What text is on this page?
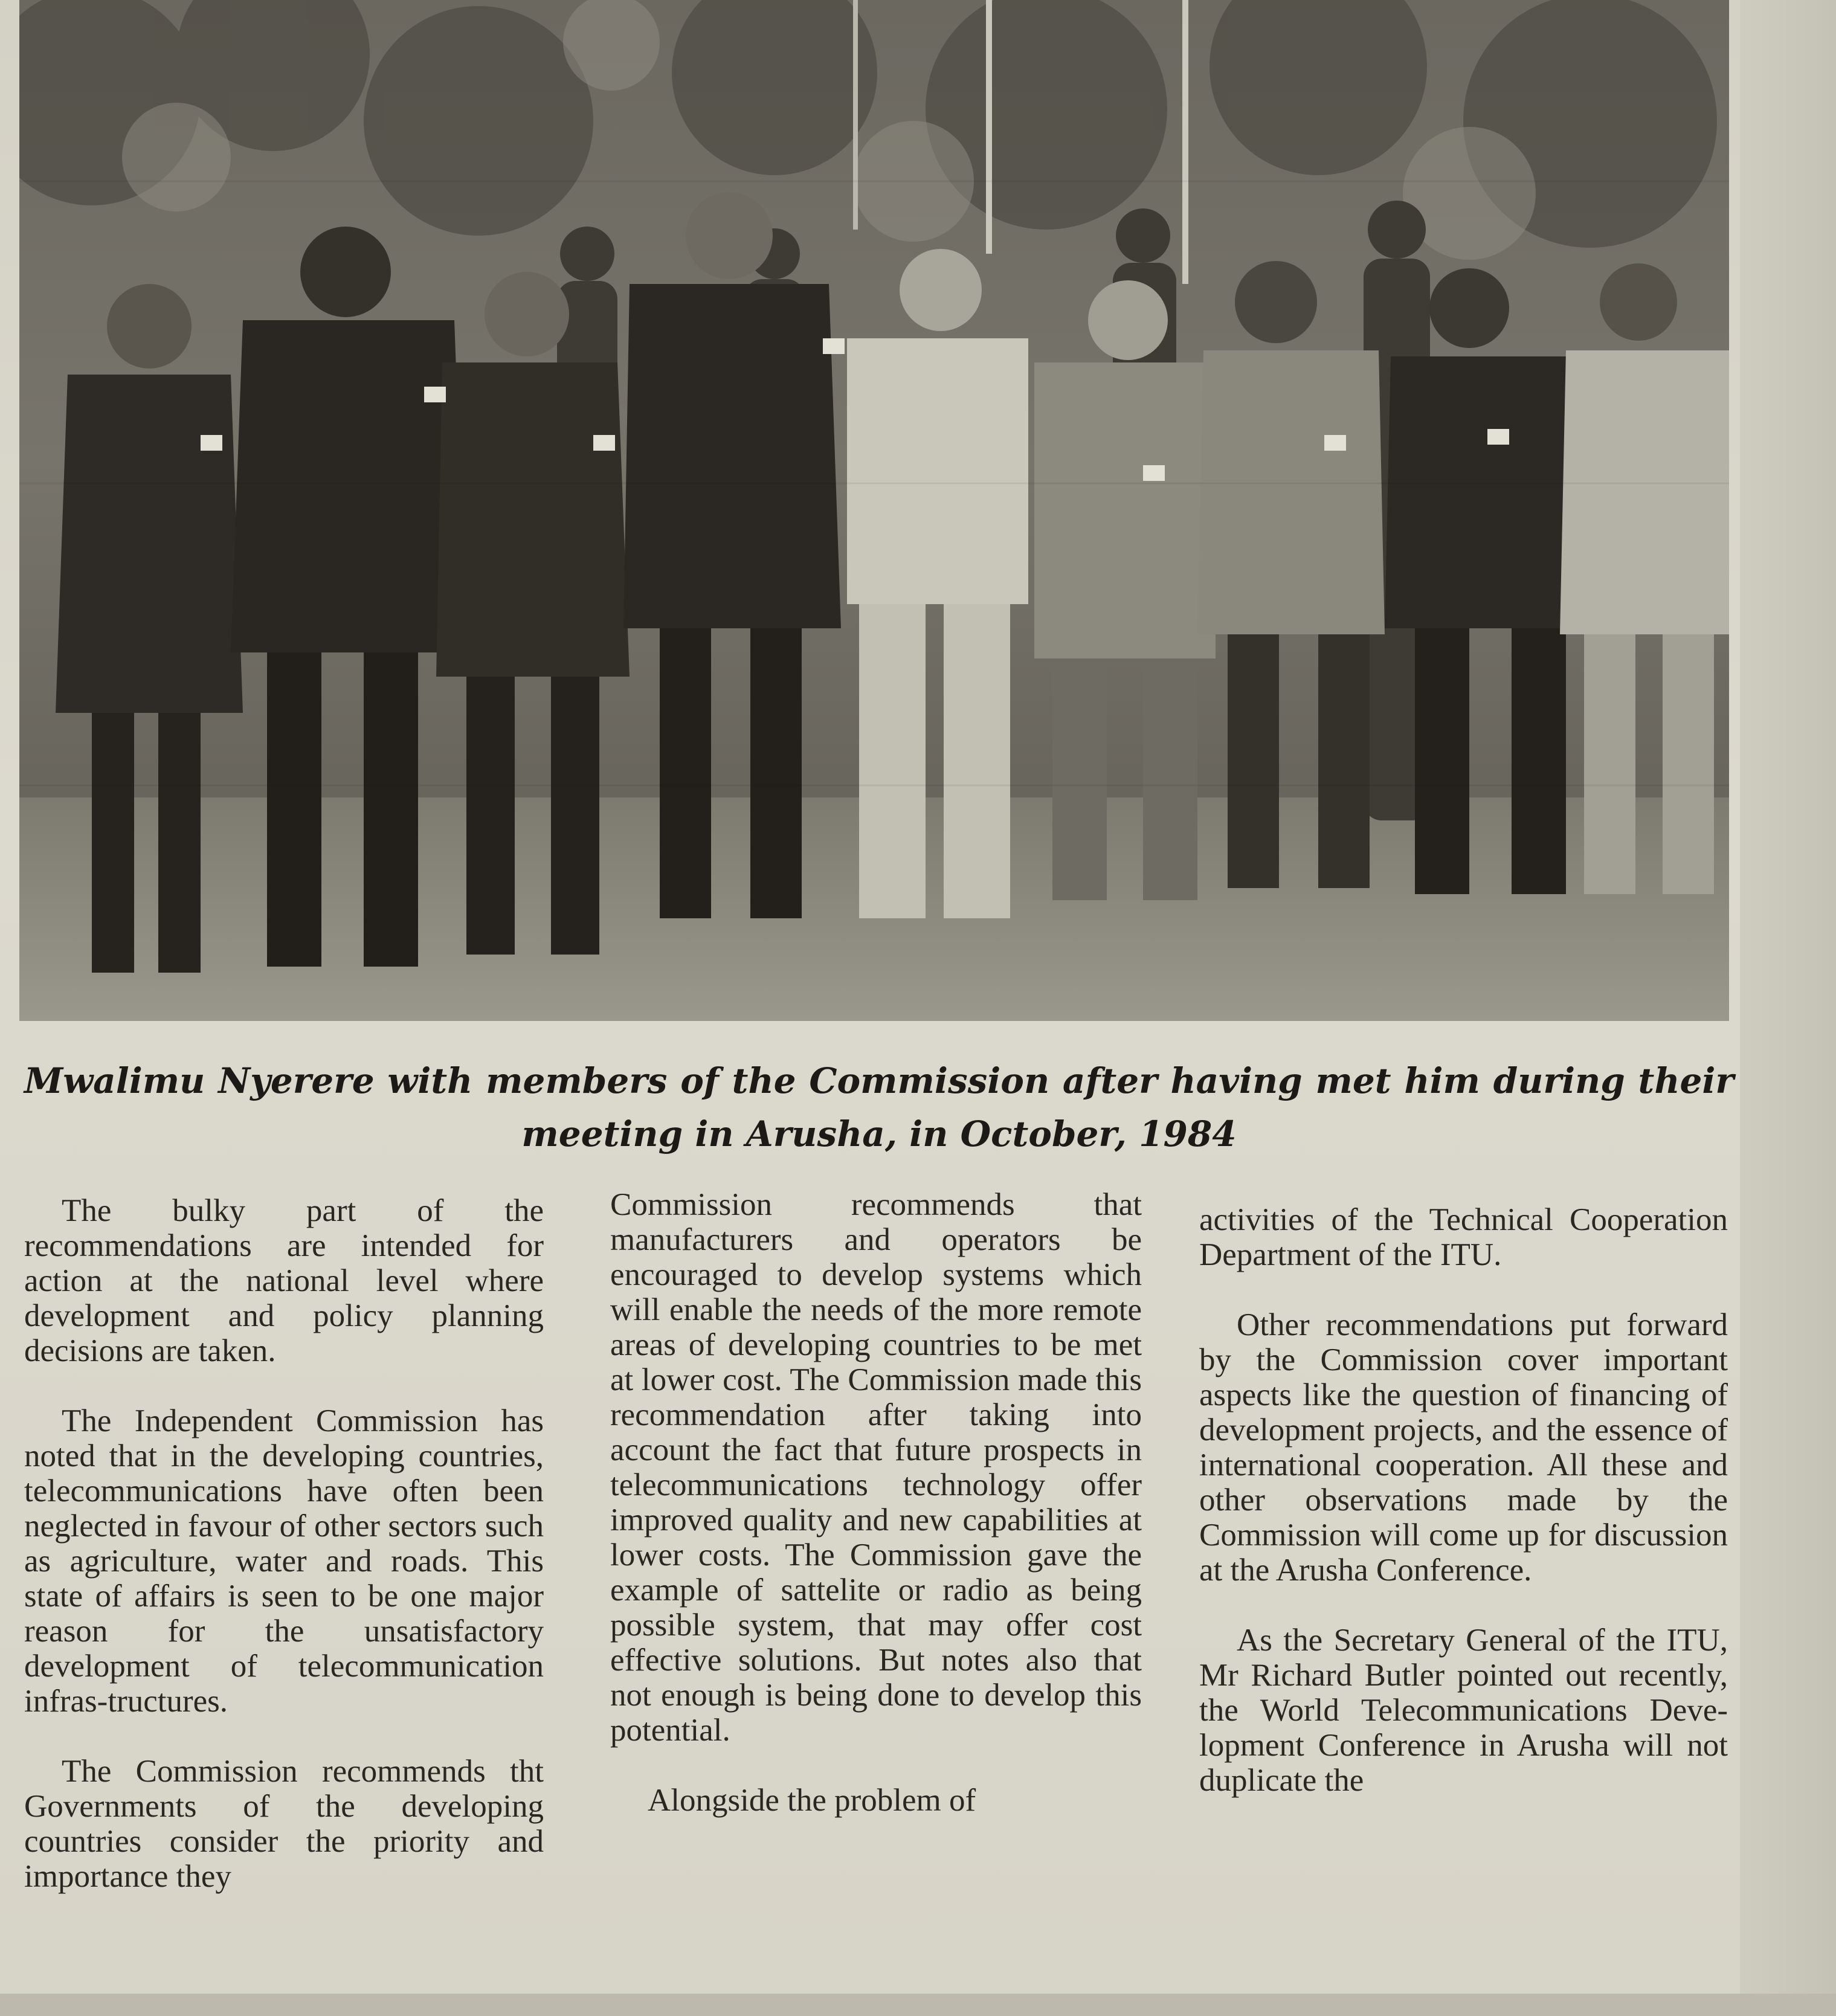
Mwalimu Nyerere with members of the Commission after having met him during their
meeting in Arusha, in October, 1984

The bulky part of the recommendations are intended for action at the national level where development and policy planning decisions are taken.

The Independent Commission has noted that in the developing countries, telecommunications have often been neglected in favour of other sectors such as agriculture, water and roads. This state of affairs is seen to be one major reason for the unsatisfactory development of telecommunication infras-tructures.

The Commission recommends tht Governments of the developing countries consider the priority and importance they

Commission recommends that manufacturers and operators be encouraged to develop systems which will enable the needs of the more remote areas of developing countries to be met at lower cost. The Commission made this recommendation after taking into account the fact that future prospects in telecommunications technology offer improved quality and new capabilities at lower costs. The Commission gave the example of sattelite or radio as being possible system, that may offer cost effective solutions. But notes also that not enough is being done to develop this potential.

Alongside the problem of

activities of the Technical Cooperation Department of the ITU.

Other recommendations put forward by the Commission cover important aspects like the question of financing of development projects, and the essence of international cooperation. All these and other observations made by the Commission will come up for discussion at the Arusha Conference.

As the Secretary General of the ITU, Mr Richard Butler pointed out recently, the World Telecommunications Deve-lopment Conference in Arusha will not duplicate the
